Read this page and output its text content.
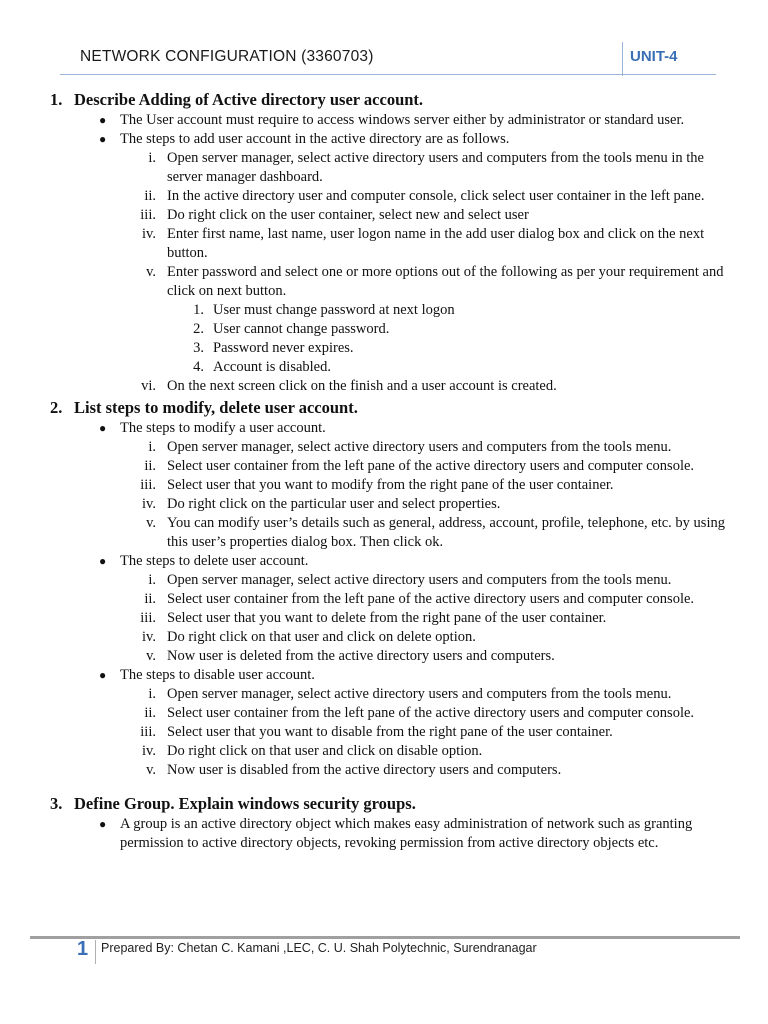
NETWORK CONFIGURATION (3360703)	UNIT-4
1. Describe Adding of Active directory user account.
● The User account must require to access windows server either by administrator or standard user.
● The steps to add user account in the active directory are as follows.
i. Open server manager, select active directory users and computers from the tools menu in the server manager dashboard.
ii. In the active directory user and computer console, click select user container in the left pane.
iii. Do right click on the user container, select new and select user
iv. Enter first name, last name, user logon name in the add user dialog box and click on the next button.
v. Enter password and select one or more options out of the following as per your requirement and click on next button.
1. User must change password at next logon
2. User cannot change password.
3. Password never expires.
4. Account is disabled.
vi. On the next screen click on the finish and a user account is created.
2. List steps to modify, delete user account.
● The steps to modify a user account.
i. Open server manager, select active directory users and computers from the tools menu.
ii. Select user container from the left pane of the active directory users and computer console.
iii. Select user that you want to modify from the right pane of the user container.
iv. Do right click on the particular user and select properties.
v. You can modify user’s details such as general, address, account, profile, telephone, etc. by using this user’s properties dialog box. Then click ok.
● The steps to delete user account.
i. Open server manager, select active directory users and computers from the tools menu.
ii. Select user container from the left pane of the active directory users and computer console.
iii. Select user that you want to delete from the right pane of the user container.
iv. Do right click on that user and click on delete option.
v. Now user is deleted from the active directory users and computers.
● The steps to disable user account.
i. Open server manager, select active directory users and computers from the tools menu.
ii. Select user container from the left pane of the active directory users and computer console.
iii. Select user that you want to disable from the right pane of the user container.
iv. Do right click on that user and click on disable option.
v. Now user is disabled from the active directory users and computers.
3. Define Group. Explain windows security groups.
● A group is an active directory object which makes easy administration of network such as granting permission to active directory objects, revoking permission from active directory objects etc.
1 Prepared By: Chetan C. Kamani ,LEC, C. U. Shah Polytechnic, Surendranagar
